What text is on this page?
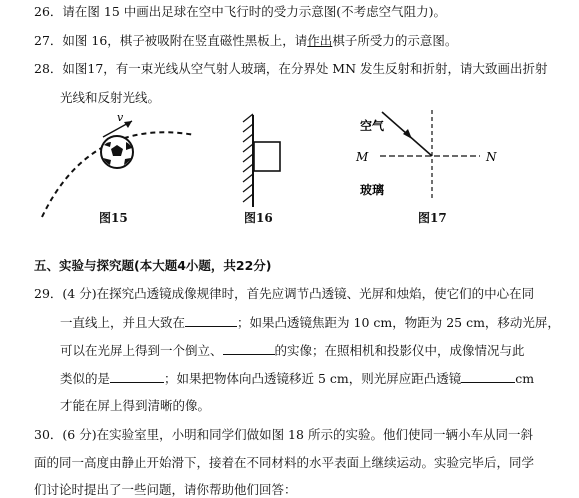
26．请在图 15 中画出足球在空中飞行时的受力示意图(不考虑空气阻力)。
27．如图 16，棋子被吸附在竖直磁性黑板上，请作出棋子所受力的示意图。
28．如图17，有一束光线从空气射人玻璃，在分界处 MN 发生反射和折射，请大致画出折射
光线和反射光线。
v
图15	图16
M	N
空气
玻璃
图17
五、实验与探究题(本大题4小题，共22分)
29．(4 分)在探究凸透镜成像规律时，首先应调节凸透镜、光屏和烛焰，使它们的中心在同
一直线上，并且大致在	；如果凸透镜焦距为 10 cm，物距为 25 cm，移动光屏，
可以在光屏上得到一个倒立、	的实像；在照相机和投影仪中，成像情况与此
类似的是	；如果把物体向凸透镜移近 5 cm，则光屏应距凸透镜	cm
才能在屏上得到清晰的像。
30．(6 分)在实验室里，小明和同学们做如图 18 所示的实验。他们使同一辆小车从同一斜
面的同一高度由静止开始滑下，接着在不同材料的水平表面上继续运动。实验完毕后，同学
们讨论时提出了一些问题，请你帮助他们回答：
